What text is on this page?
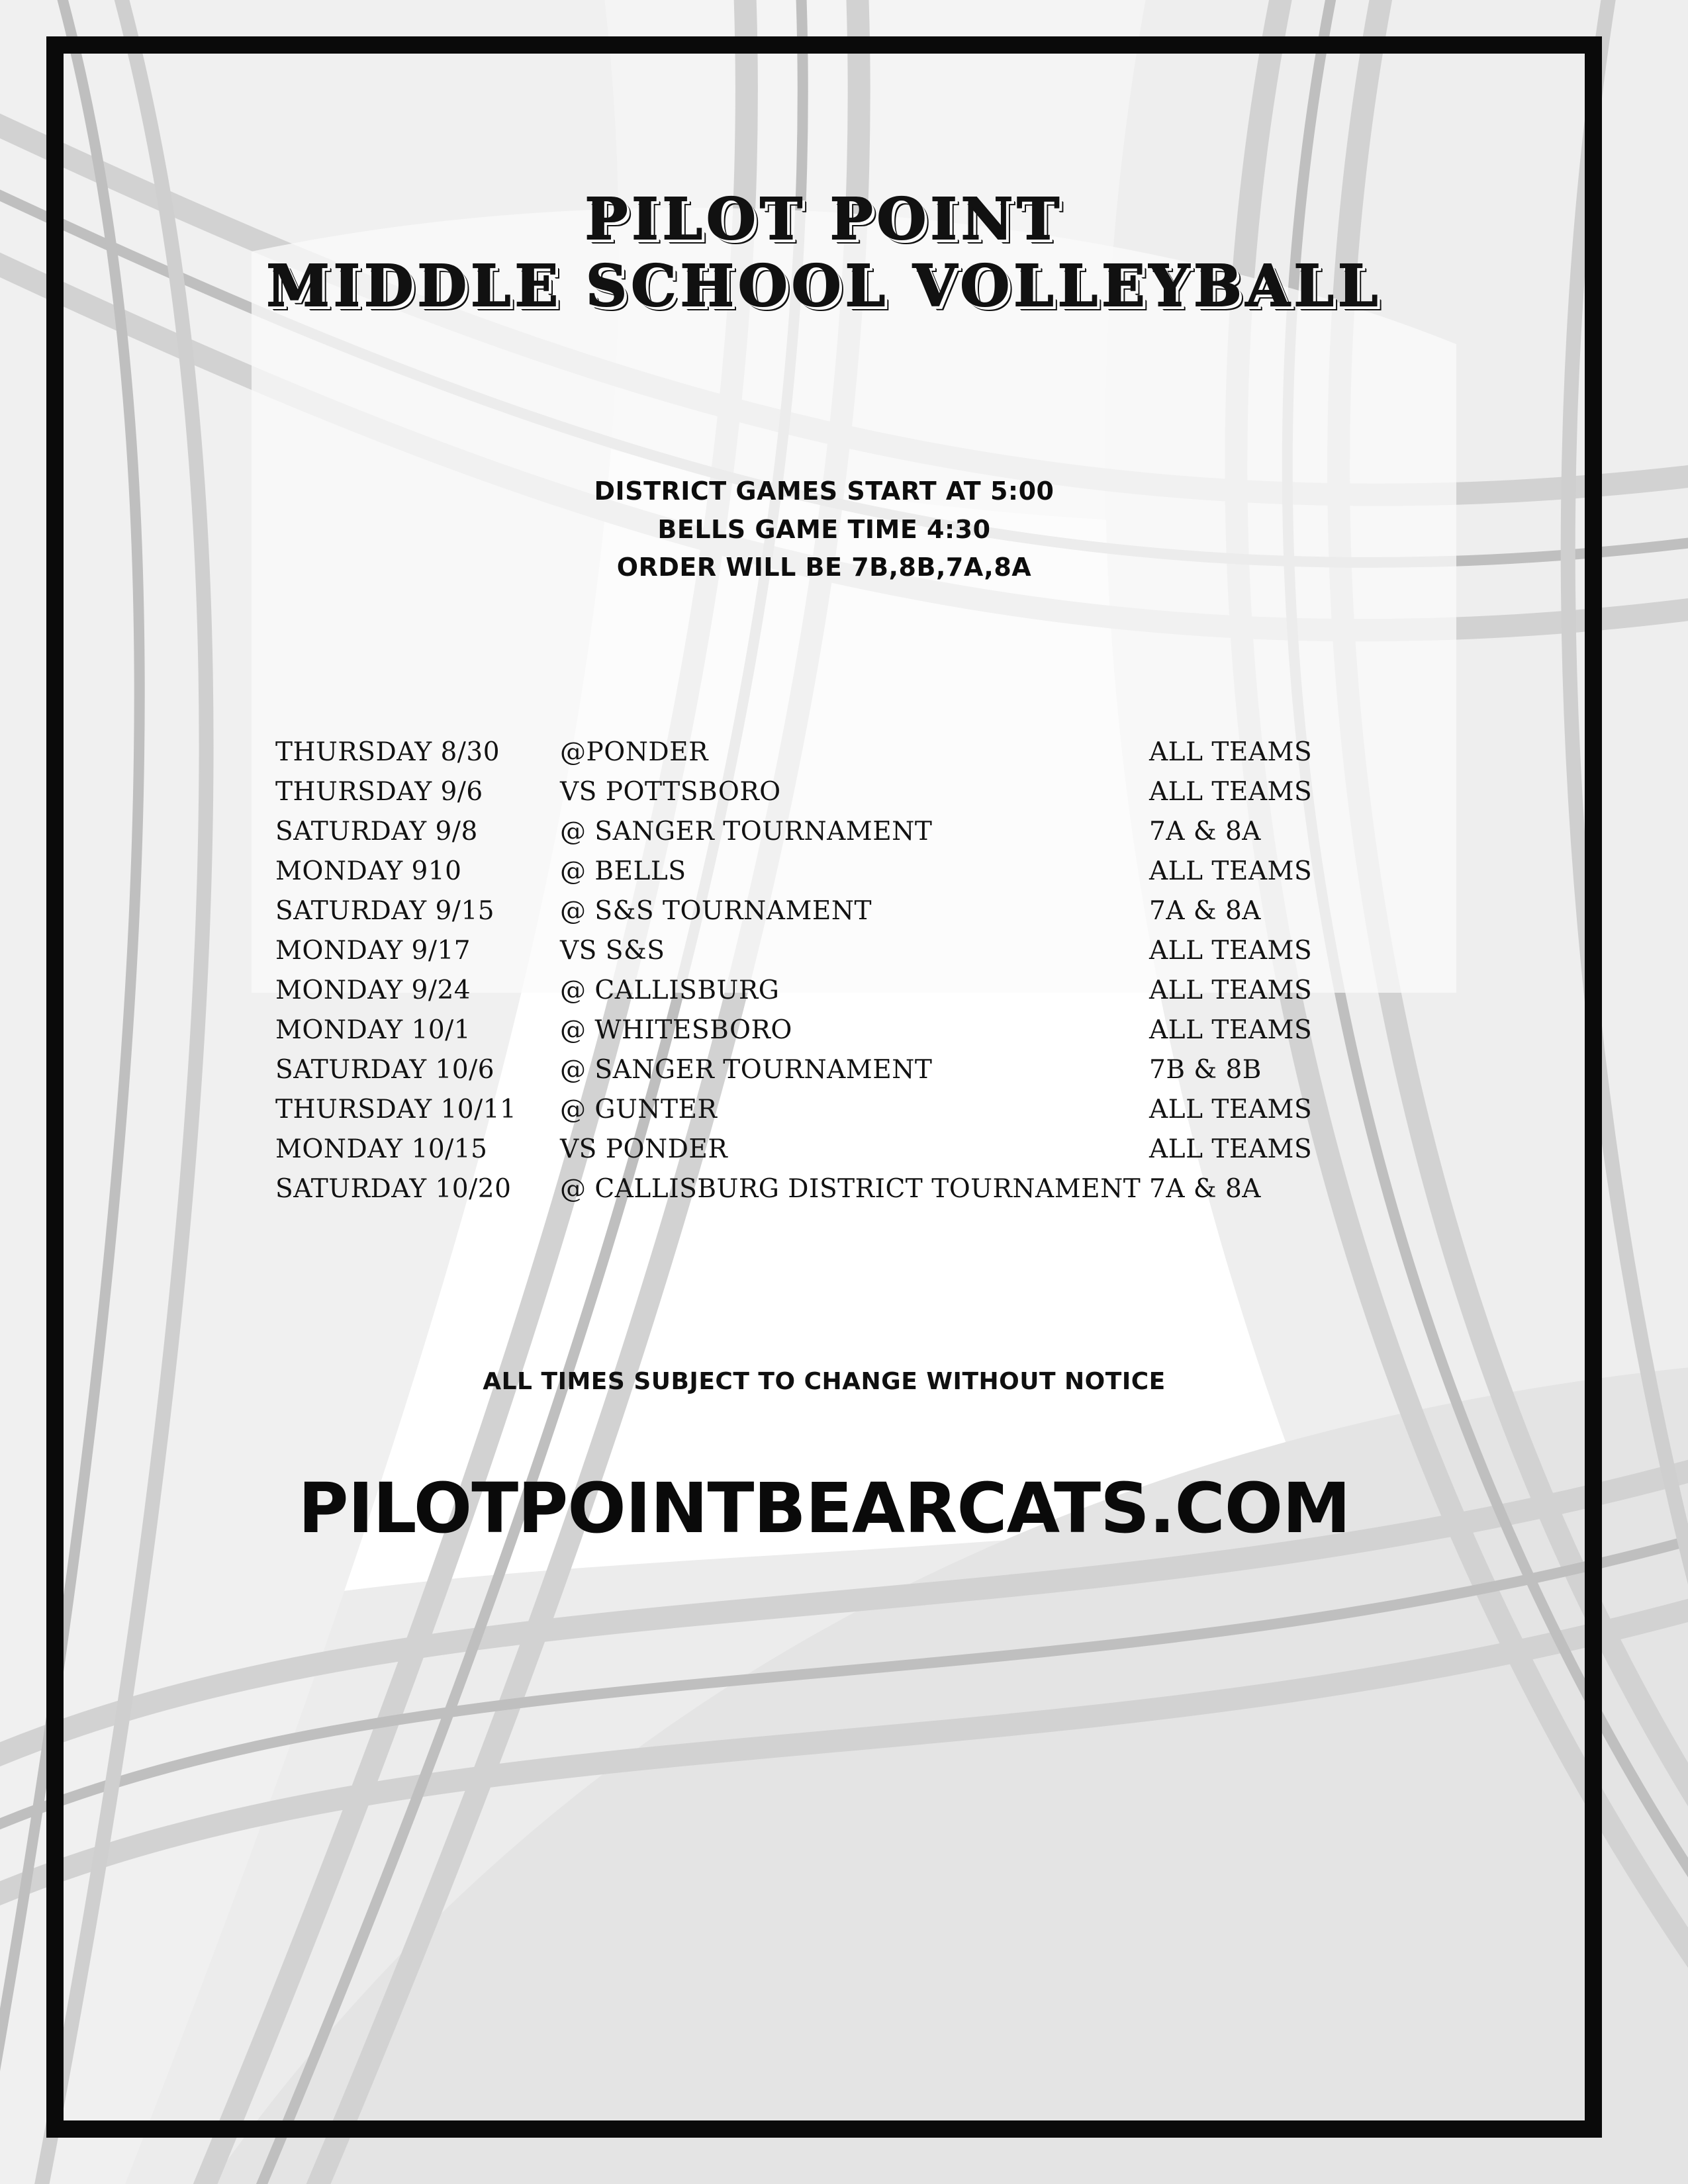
PILOT POINT
MIDDLE SCHOOL VOLLEYBALL
DISTRICT GAMES START AT 5:00
BELLS GAME TIME 4:30
ORDER WILL BE 7B,8B,7A,8A
THURSDAY 8/30	@PONDER	ALL TEAMS
THURSDAY 9/6	VS POTTSBORO	ALL TEAMS
SATURDAY 9/8	@ SANGER TOURNAMENT	7A & 8A
MONDAY 910	@ BELLS	ALL TEAMS
SATURDAY 9/15	@ S&S TOURNAMENT	7A & 8A
MONDAY 9/17	VS S&S	ALL TEAMS
MONDAY 9/24	@ CALLISBURG	ALL TEAMS
MONDAY 10/1	@ WHITESBORO	ALL TEAMS
SATURDAY 10/6	@ SANGER TOURNAMENT	7B & 8B
THURSDAY 10/11	@ GUNTER	ALL TEAMS
MONDAY 10/15	VS PONDER	ALL TEAMS
SATURDAY 10/20	@ CALLISBURG DISTRICT TOURNAMENT	7A & 8A
ALL TIMES SUBJECT TO CHANGE WITHOUT NOTICE
PILOTPOINTBEARCATS.COM
